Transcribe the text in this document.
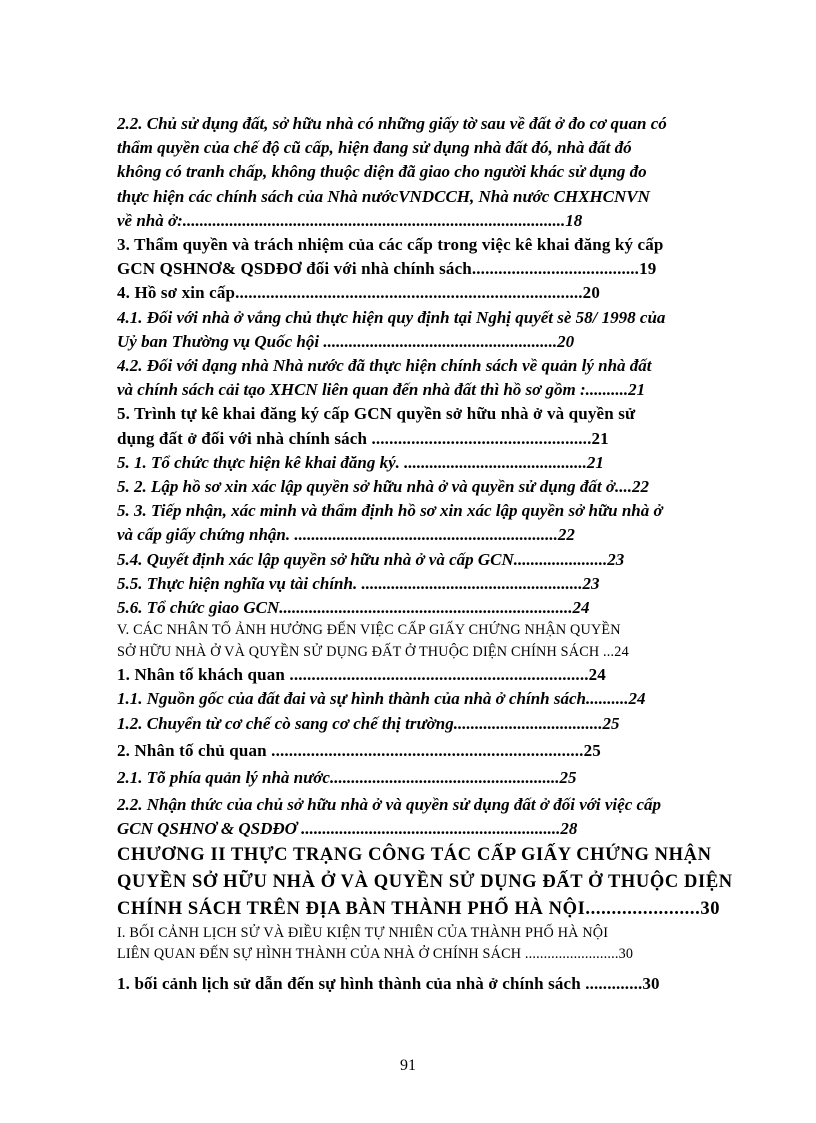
2.2. Chủ sử dụng đất, sở hữu nhà có những giấy tờ sau về đất ở đo cơ quan có
thẩm quyền của chế độ cũ cấp, hiện đang sử dụng nhà đất đó, nhà đất đó
không có tranh chấp, không thuộc diện đã giao cho người khác sử dụng đo
thực hiện các chính sách của Nhà nướcVNDCCH, Nhà nước CHXHCNVN
về nhà ở:..........................................................................................18
3. Thẩm quyền và trách nhiệm của các cấp trong việc kê khai đăng ký cấp
GCN QSHNƠ& QSDĐƠ đối với nhà chính sách......................................19
4. Hồ sơ xin cấp...............................................................................20
4.1. Đối với nhà ở vắng chủ thực hiện quy định tại Nghị quyết sè 58/ 1998 của
Uỷ ban Thường vụ Quốc hội .......................................................20
4.2. Đối với dạng nhà Nhà nước đã thực hiện chính sách về quản lý nhà đất
và chính sách cải tạo XHCN liên quan đến nhà đất thì hồ sơ gồm :..........21
5. Trình tự kê khai đăng ký cấp GCN quyền sở hữu nhà ở và quyền sử
dụng đất ở đối với nhà chính sách ..................................................21
5. 1. Tổ chức thực hiện kê khai đăng ký. ...........................................21
5. 2. Lập hồ sơ xin xác lập quyền sở hữu nhà ở và quyền sử dụng đất ở....22
5. 3. Tiếp nhận, xác minh và thẩm định hồ sơ xin xác lập quyền sở hữu nhà ở
và cấp giấy chứng nhận. ..............................................................22
5.4. Quyết định xác lập quyền sở hữu nhà ở và cấp GCN......................23
5.5. Thực hiện nghĩa vụ tài chính. ....................................................23
5.6. Tổ chức giao GCN.....................................................................24
V. CÁC NHÂN TỐ ẢNH HƯỞNG ĐẾN VIỆC CẤP GIẤY CHỨNG NHẬN QUYỀN
SỞ HỮU NHÀ Ở VÀ QUYỀN SỬ DỤNG ĐẤT Ở THUỘC DIỆN CHÍNH SÁCH ...24
1. Nhân tố khách quan ....................................................................24
1.1. Nguồn gốc của đất đai và sự hình thành của nhà ở chính sách..........24
1.2. Chuyển từ cơ chế cò sang cơ chế thị trường...................................25
2. Nhân tố chủ quan .......................................................................25
2.1. Tõ phía quản lý nhà nước......................................................25
2.2. Nhận thức của chủ sở hữu nhà ở và quyền sử dụng đất ở đối với việc cấp
GCN QSHNƠ & QSDĐƠ .............................................................28
CHƯƠNG II THỰC TRẠNG CÔNG TÁC CẤP GIẤY CHỨNG NHẬN
QUYỀN SỞ HỮU NHÀ Ở VÀ QUYỀN SỬ DỤNG ĐẤT Ở THUỘC DIỆN
CHÍNH SÁCH TRÊN ĐỊA BÀN THÀNH PHỐ HÀ NỘI......................30
I. BỐI CẢNH LỊCH SỬ VÀ ĐIỀU KIỆN TỰ NHIÊN CỦA THÀNH PHỐ HÀ NỘI
LIÊN QUAN ĐẾN SỰ HÌNH THÀNH CỦA NHÀ Ở CHÍNH SÁCH .........................30
1. bối cảnh lịch sử dẫn đến sự hình thành của nhà ở chính sách .............30
91
